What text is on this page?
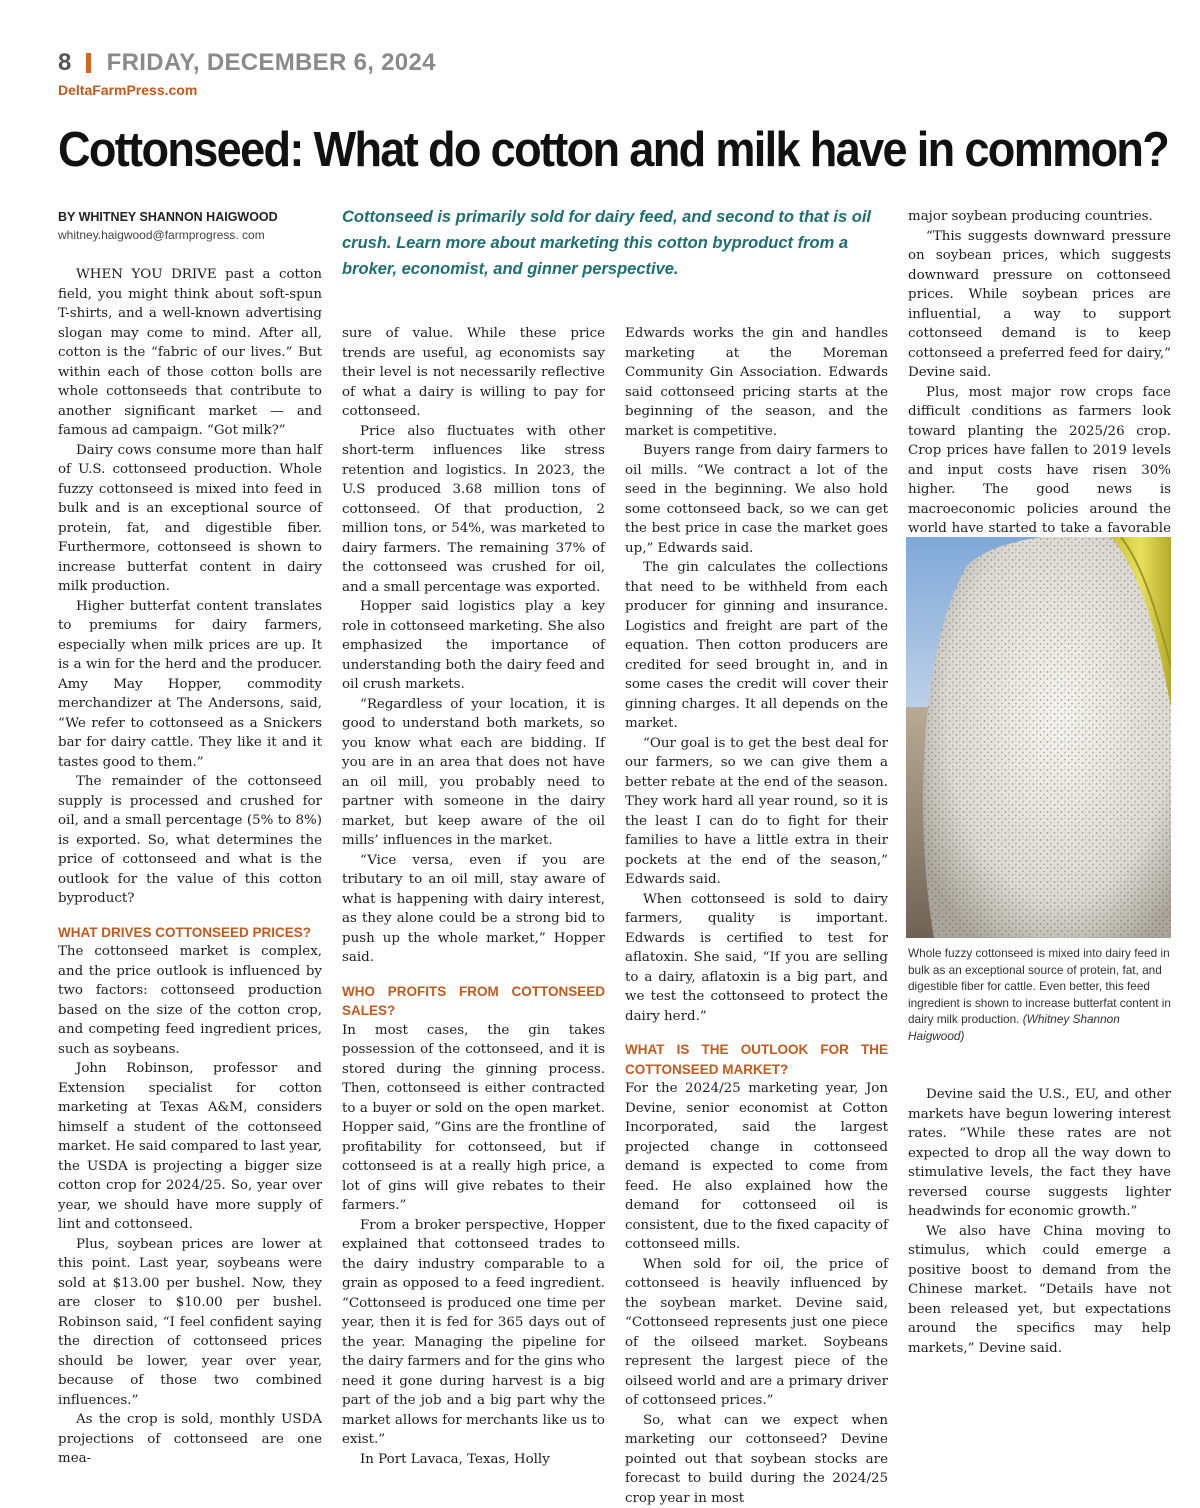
8 FRIDAY, DECEMBER 6, 2024
DeltaFarmPress.com
Cottonseed: What do cotton and milk have in common?
BY WHITNEY SHANNON HAIGWOOD
whitney.haigwood@farmprogress. com
Cottonseed is primarily sold for dairy feed, and second to that is oil crush. Learn more about marketing this cotton byproduct from a broker, economist, and ginner perspective.

WHEN YOU DRIVE past a cotton field, you might think about soft-spun T-shirts, and a well-known advertising slogan may come to mind. After all, cotton is the “fabric of our lives.” But within each of those cotton bolls are whole cottonseeds that contribute to another significant market — and famous ad campaign. “Got milk?”

Dairy cows consume more than half of U.S. cottonseed production. Whole fuzzy cottonseed is mixed into feed in bulk and is an exceptional source of protein, fat, and digestible fiber. Furthermore, cottonseed is shown to increase butterfat content in dairy milk production.

Higher butterfat content translates to premiums for dairy farmers, especially when milk prices are up. It is a win for the herd and the producer. Amy May Hopper, commodity merchandizer at The Andersons, said, “We refer to cottonseed as a Snickers bar for dairy cattle. They like it and it tastes good to them.”

The remainder of the cottonseed supply is processed and crushed for oil, and a small percentage (5% to 8%) is exported. So, what determines the price of cottonseed and what is the outlook for the value of this cotton byproduct?

WHAT DRIVES COTTONSEED PRICES?

The cottonseed market is complex, and the price outlook is influenced by two factors: cottonseed production based on the size of the cotton crop, and competing feed ingredient prices, such as soybeans.

John Robinson, professor and Extension specialist for cotton marketing at Texas A&M, considers himself a student of the cottonseed market. He said compared to last year, the USDA is projecting a bigger size cotton crop for 2024/25. So, year over year, we should have more supply of lint and cottonseed.

Plus, soybean prices are lower at this point. Last year, soybeans were sold at $13.00 per bushel. Now, they are closer to $10.00 per bushel. Robinson said, “I feel confident saying the direction of cottonseed prices should be lower, year over year, because of those two combined influences.”

As the crop is sold, monthly USDA projections of cottonseed are one mea-

sure of value. While these price trends are useful, ag economists say their level is not necessarily reflective of what a dairy is willing to pay for cottonseed.

Price also fluctuates with other short-term influences like stress retention and logistics. In 2023, the U.S produced 3.68 million tons of cottonseed. Of that production, 2 million tons, or 54%, was marketed to dairy farmers. The remaining 37% of the cottonseed was crushed for oil, and a small percentage was exported.

Hopper said logistics play a key role in cottonseed marketing. She also emphasized the importance of understanding both the dairy feed and oil crush markets.

“Regardless of your location, it is good to understand both markets, so you know what each are bidding. If you are in an area that does not have an oil mill, you probably need to partner with someone in the dairy market, but keep aware of the oil mills’ influences in the market.

“Vice versa, even if you are tributary to an oil mill, stay aware of what is happening with dairy interest, as they alone could be a strong bid to push up the whole market,” Hopper said.

WHO PROFITS FROM COTTONSEED SALES?

In most cases, the gin takes possession of the cottonseed, and it is stored during the ginning process. Then, cottonseed is either contracted to a buyer or sold on the open market. Hopper said, “Gins are the frontline of profitability for cottonseed, but if cottonseed is at a really high price, a lot of gins will give rebates to their farmers.”

From a broker perspective, Hopper explained that cottonseed trades to the dairy industry comparable to a grain as opposed to a feed ingredient. “Cottonseed is produced one time per year, then it is fed for 365 days out of the year. Managing the pipeline for the dairy farmers and for the gins who need it gone during harvest is a big part of the job and a big part why the market allows for merchants like us to exist.”

In Port Lavaca, Texas, Holly

Edwards works the gin and handles marketing at the Moreman Community Gin Association. Edwards said cottonseed pricing starts at the beginning of the season, and the market is competitive.

Buyers range from dairy farmers to oil mills. “We contract a lot of the seed in the beginning. We also hold some cottonseed back, so we can get the best price in case the market goes up,” Edwards said.

The gin calculates the collections that need to be withheld from each producer for ginning and insurance. Logistics and freight are part of the equation. Then cotton producers are credited for seed brought in, and in some cases the credit will cover their ginning charges. It all depends on the market.

“Our goal is to get the best deal for our farmers, so we can give them a better rebate at the end of the season. They work hard all year round, so it is the least I can do to fight for their families to have a little extra in their pockets at the end of the season,” Edwards said.

When cottonseed is sold to dairy farmers, quality is important. Edwards is certified to test for aflatoxin. She said, “If you are selling to a dairy, aflatoxin is a big part, and we test the cottonseed to protect the dairy herd.”

WHAT IS THE OUTLOOK FOR THE COTTONSEED MARKET?

For the 2024/25 marketing year, Jon Devine, senior economist at Cotton Incorporated, said the largest projected change in cottonseed demand is expected to come from feed. He also explained how the demand for cottonseed oil is consistent, due to the fixed capacity of cottonseed mills.

When sold for oil, the price of cottonseed is heavily influenced by the soybean market. Devine said, “Cottonseed represents just one piece of the oilseed market. Soybeans represent the largest piece of the oilseed world and are a primary driver of cottonseed prices.”

So, what can we expect when marketing our cottonseed? Devine pointed out that soybean stocks are forecast to build during the 2024/25 crop year in most

major soybean producing countries.

“This suggests downward pressure on soybean prices, which suggests downward pressure on cottonseed prices. While soybean prices are influential, a way to support cottonseed demand is to keep cottonseed a preferred feed for dairy,” Devine said.

Plus, most major row crops face difficult conditions as farmers look toward planting the 2025/26 crop. Crop prices have fallen to 2019 levels and input costs have risen 30% higher. The good news is macroeconomic policies around the world have started to take a favorable

Whole fuzzy cottonseed is mixed into dairy feed in bulk as an exceptional source of protein, fat, and digestible fiber for cattle. Even better, this feed ingredient is shown to increase butterfat content in dairy milk production. (Whitney Shannon Haigwood)

Devine said the U.S., EU, and other markets have begun lowering interest rates. “While these rates are not expected to drop all the way down to stimulative levels, the fact they have reversed course suggests lighter headwinds for economic growth.”

We also have China moving to stimulus, which could emerge a positive boost to demand from the Chinese market. “Details have not been released yet, but expectations around the specifics may help markets,” Devine said.
